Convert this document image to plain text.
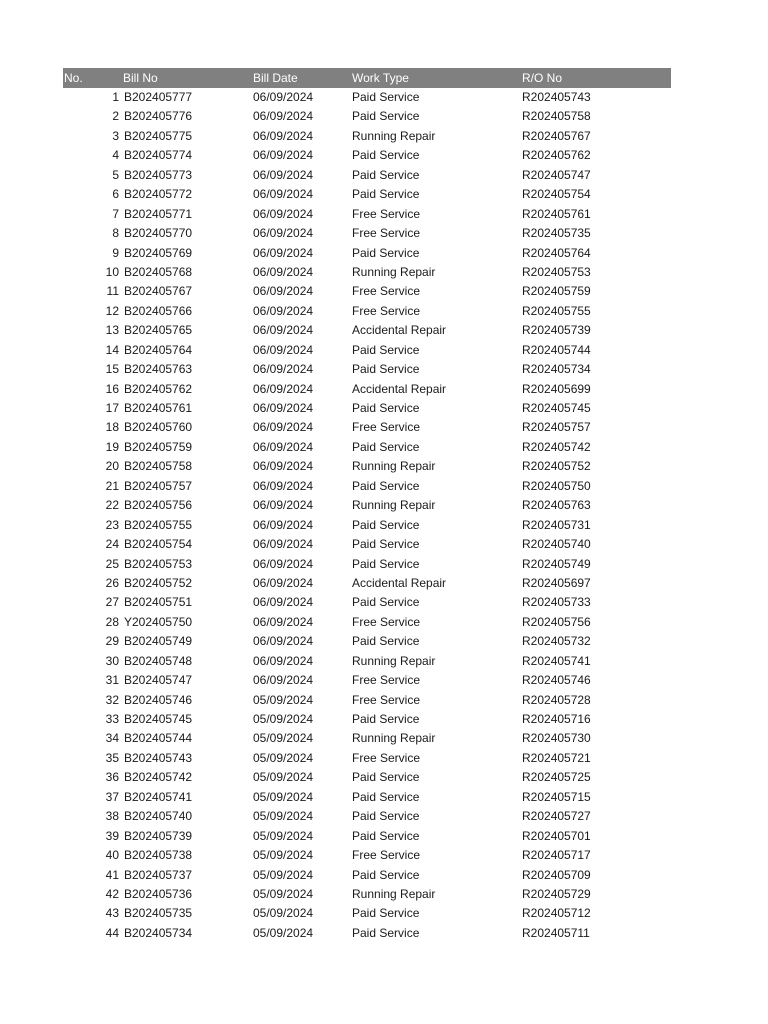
No.	Bill No	Bill Date	Work Type	R/O No
1 B202405777	06/09/2024	Paid Service	R202405743
2 B202405776	06/09/2024	Paid Service	R202405758
3 B202405775	06/09/2024	Running Repair	R202405767
4 B202405774	06/09/2024	Paid Service	R202405762
5 B202405773	06/09/2024	Paid Service	R202405747
6 B202405772	06/09/2024	Paid Service	R202405754
7 B202405771	06/09/2024	Free Service	R202405761
8 B202405770	06/09/2024	Free Service	R202405735
9 B202405769	06/09/2024	Paid Service	R202405764
10 B202405768	06/09/2024	Running Repair	R202405753
11 B202405767	06/09/2024	Free Service	R202405759
12 B202405766	06/09/2024	Free Service	R202405755
13 B202405765	06/09/2024	Accidental Repair	R202405739
14 B202405764	06/09/2024	Paid Service	R202405744
15 B202405763	06/09/2024	Paid Service	R202405734
16 B202405762	06/09/2024	Accidental Repair	R202405699
17 B202405761	06/09/2024	Paid Service	R202405745
18 B202405760	06/09/2024	Free Service	R202405757
19 B202405759	06/09/2024	Paid Service	R202405742
20 B202405758	06/09/2024	Running Repair	R202405752
21 B202405757	06/09/2024	Paid Service	R202405750
22 B202405756	06/09/2024	Running Repair	R202405763
23 B202405755	06/09/2024	Paid Service	R202405731
24 B202405754	06/09/2024	Paid Service	R202405740
25 B202405753	06/09/2024	Paid Service	R202405749
26 B202405752	06/09/2024	Accidental Repair	R202405697
27 B202405751	06/09/2024	Paid Service	R202405733
28 Y202405750	06/09/2024	Free Service	R202405756
29 B202405749	06/09/2024	Paid Service	R202405732
30 B202405748	06/09/2024	Running Repair	R202405741
31 B202405747	06/09/2024	Free Service	R202405746
32 B202405746	05/09/2024	Free Service	R202405728
33 B202405745	05/09/2024	Paid Service	R202405716
34 B202405744	05/09/2024	Running Repair	R202405730
35 B202405743	05/09/2024	Free Service	R202405721
36 B202405742	05/09/2024	Paid Service	R202405725
37 B202405741	05/09/2024	Paid Service	R202405715
38 B202405740	05/09/2024	Paid Service	R202405727
39 B202405739	05/09/2024	Paid Service	R202405701
40 B202405738	05/09/2024	Free Service	R202405717
41 B202405737	05/09/2024	Paid Service	R202405709
42 B202405736	05/09/2024	Running Repair	R202405729
43 B202405735	05/09/2024	Paid Service	R202405712
44 B202405734	05/09/2024	Paid Service	R202405711
